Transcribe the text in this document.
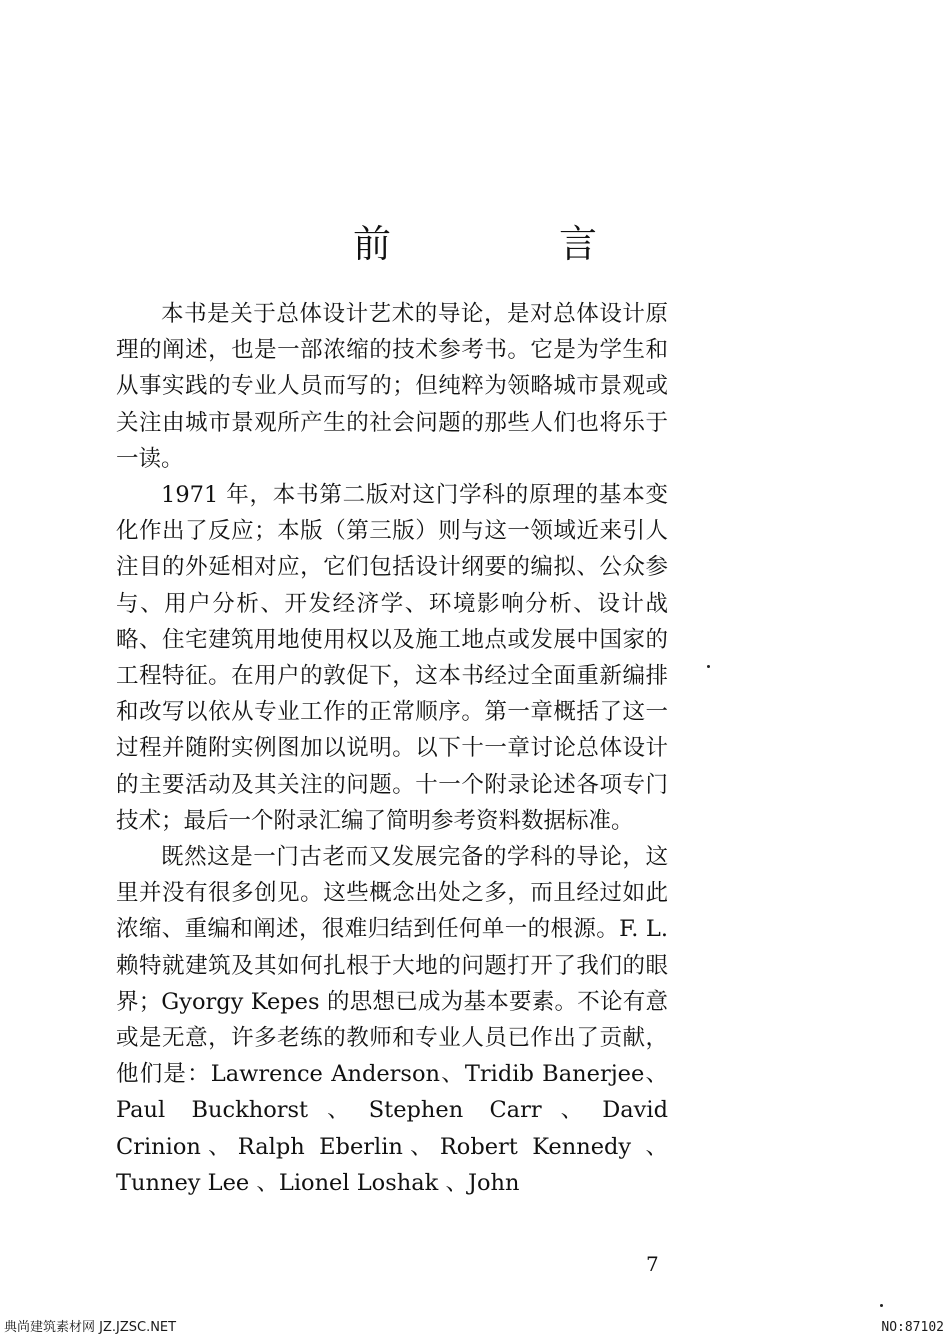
前 言

本书是关于总体设计艺术的导论，是对总体设计原理的阐述，也是一部浓缩的技术参考书。它是为学生和从事实践的专业人员而写的；但纯粹为领略城市景观或关注由城市景观所产生的社会问题的那些人们也将乐于一读。

1971 年，本书第二版对这门学科的原理的基本变化作出了反应；本版（第三版）则与这一领域近来引人注目的外延相对应，它们包括设计纲要的编拟、公众参与、用户分析、开发经济学、环境影响分析、设计战略、住宅建筑用地使用权以及施工地点或发展中国家的工程特征。在用户的敦促下，这本书经过全面重新编排和改写以依从专业工作的正常顺序。第一章概括了这一过程并随附实例图加以说明。以下十一章讨论总体设计的主要活动及其关注的问题。十一个附录论述各项专门技术；最后一个附录汇编了简明参考资料数据标准。

既然这是一门古老而又发展完备的学科的导论，这里并没有很多创见。这些概念出处之多，而且经过如此浓缩、重编和阐述，很难归结到任何单一的根源。F. L. 赖特就建筑及其如何扎根于大地的问题打开了我们的眼界；Gyorgy Kepes 的思想已成为基本要素。不论有意或是无意，许多老练的教师和专业人员已作出了贡献，他们是：Lawrence Anderson、Tridib Banerjee、Paul Buckhorst、Stephen Carr、David Crinion、Ralph Eberlin、Robert Kennedy 、Tunney Lee 、Lionel Loshak 、John

7
典尚建筑素材网 JZ.JZSC.NET	NO:87102
